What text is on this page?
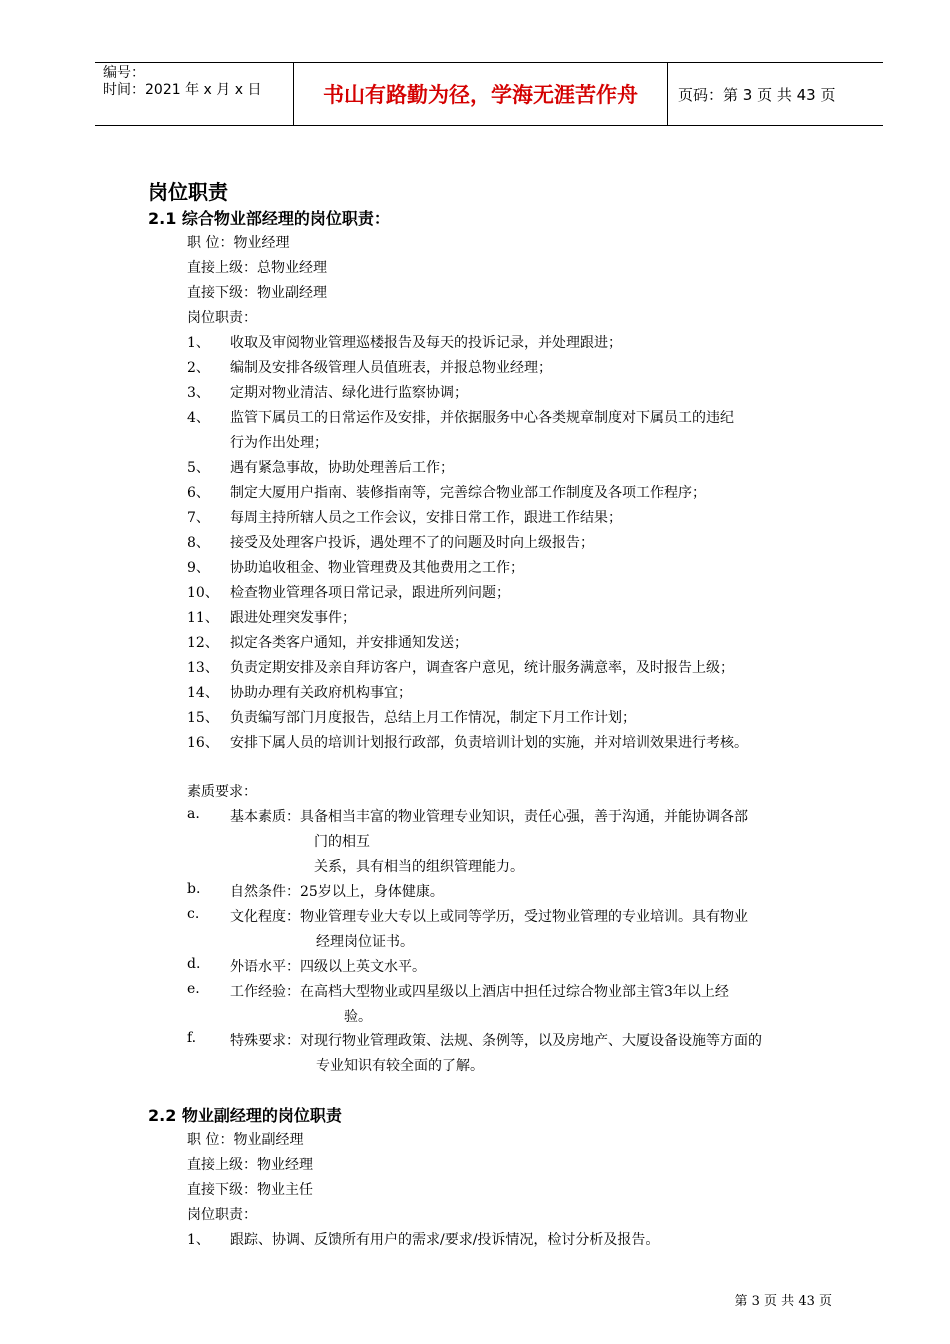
编号：
时间：2021 年 x 月 x 日	书山有路勤为径，学海无涯苦作舟	页码：第 3 页 共 43 页
岗位职责
2.1 综合物业部经理的岗位职责：
职 位：物业经理
直接上级：总物业经理
直接下级：物业副经理
岗位职责：
1、 收取及审阅物业管理巡楼报告及每天的投诉记录，并处理跟进；
2、 编制及安排各级管理人员值班表，并报总物业经理；
3、 定期对物业清洁、绿化进行监察协调；
4、 监管下属员工的日常运作及安排，并依据服务中心各类规章制度对下属员工的违纪
行为作出处理；
5、 遇有紧急事故，协助处理善后工作；
6、 制定大厦用户指南、装修指南等，完善综合物业部工作制度及各项工作程序；
7、 每周主持所辖人员之工作会议，安排日常工作，跟进工作结果；
8、 接受及处理客户投诉，遇处理不了的问题及时向上级报告；
9、 协助追收租金、物业管理费及其他费用之工作；
10、 检查物业管理各项日常记录，跟进所列问题；
11、 跟进处理突发事件；
12、 拟定各类客户通知，并安排通知发送；
13、 负责定期安排及亲自拜访客户，调查客户意见，统计服务满意率，及时报告上级；
14、 协助办理有关政府机构事宜；
15、 负责编写部门月度报告，总结上月工作情况，制定下月工作计划；
16、 安排下属人员的培训计划报行政部，负责培训计划的实施，并对培训效果进行考核。
素质要求：
a. 基本素质：具备相当丰富的物业管理专业知识，责任心强，善于沟通，并能协调各部
门的相互
关系，具有相当的组织管理能力。
b. 自然条件：25岁以上，身体健康。
c. 文化程度：物业管理专业大专以上或同等学历，受过物业管理的专业培训。具有物业
经理岗位证书。
d. 外语水平：四级以上英文水平。
e. 工作经验：在高档大型物业或四星级以上酒店中担任过综合物业部主管3年以上经
验。
f. 特殊要求：对现行物业管理政策、法规、条例等，以及房地产、大厦设备设施等方面的
专业知识有较全面的了解。
2.2 物业副经理的岗位职责
职 位：物业副经理
直接上级：物业经理
直接下级：物业主任
岗位职责：
1、 跟踪、协调、反馈所有用户的需求/要求/投诉情况，检讨分析及报告。
第 3 页 共 43 页
